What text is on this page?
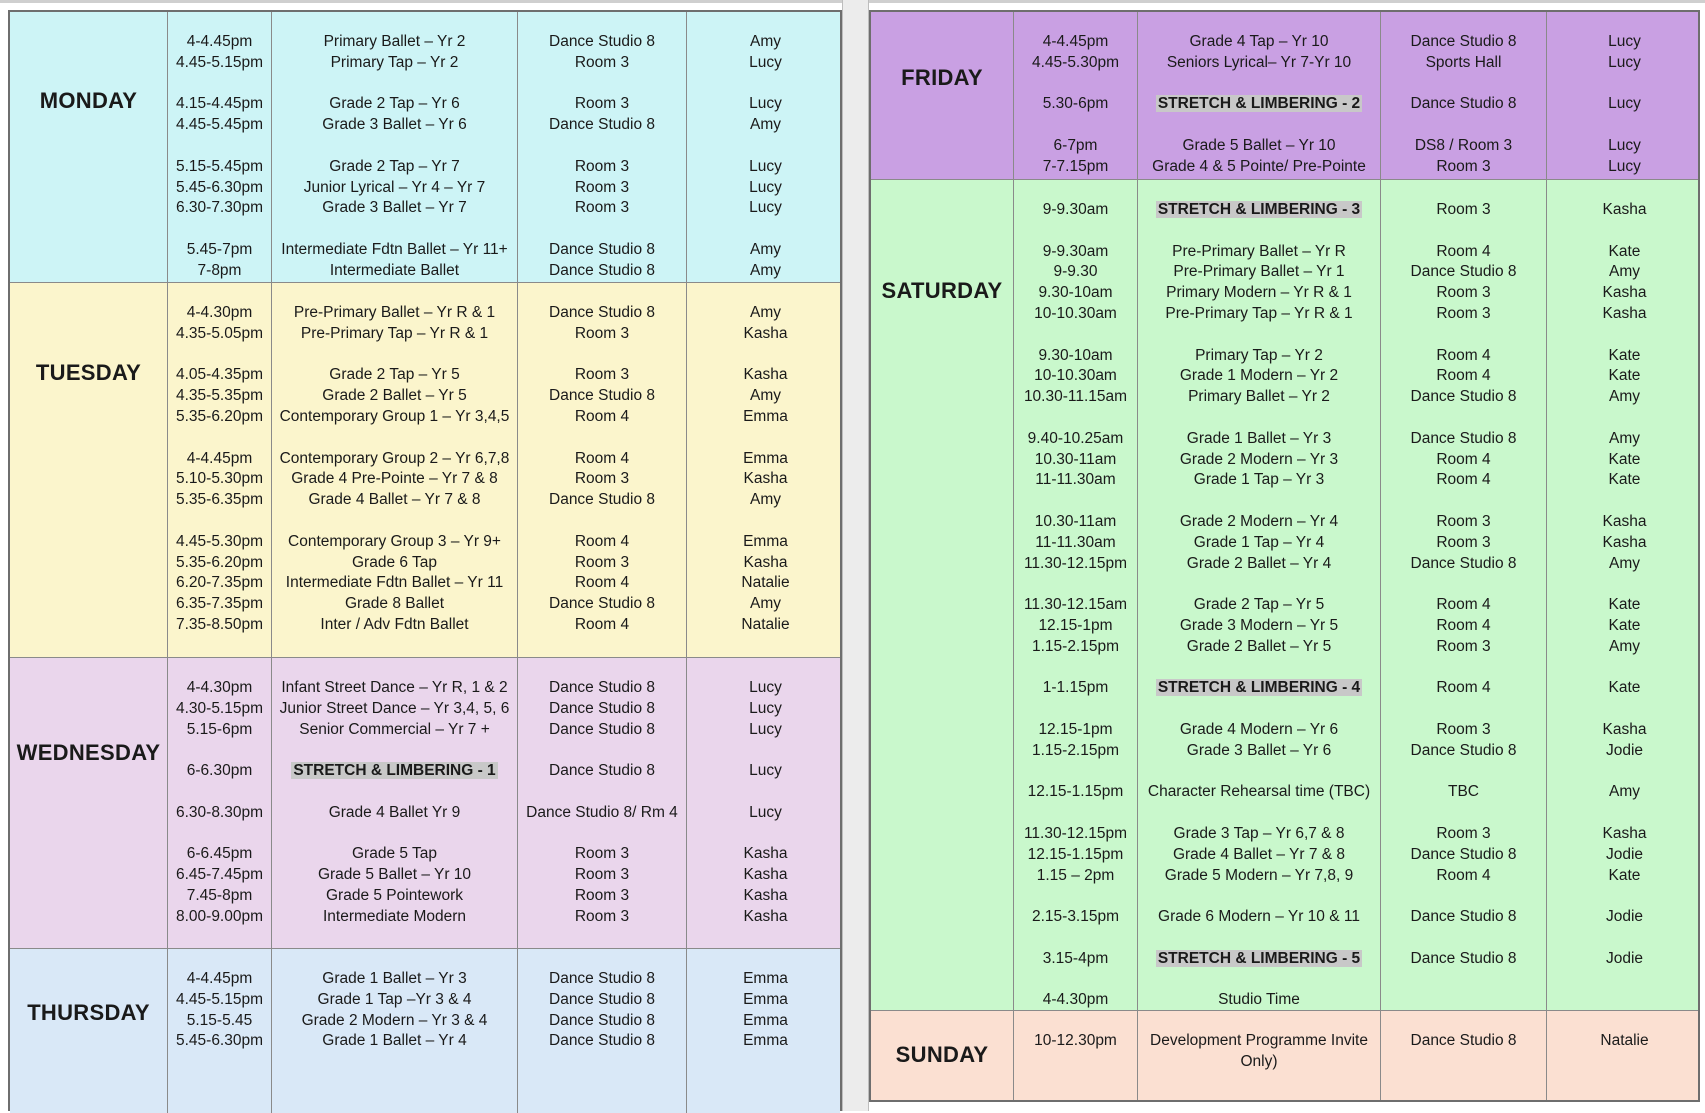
MONDAY
4-4.45pm
4.45-5.15pm
4.15-4.45pm
4.45-5.45pm
5.15-5.45pm
5.45-6.30pm
6.30-7.30pm
5.45-7pm
7-8pm
Primary Ballet – Yr 2
Primary Tap – Yr 2
Grade 2 Tap – Yr 6
Grade 3 Ballet – Yr 6
Grade 2 Tap – Yr 7
Junior Lyrical – Yr 4 – Yr 7
Grade 3 Ballet – Yr 7
Intermediate Fdtn Ballet – Yr 11+
Intermediate Ballet
Dance Studio 8
Room 3
Room 3
Dance Studio 8
Room 3
Room 3
Room 3
Dance Studio 8
Dance Studio 8
Amy
Lucy
Lucy
Amy
Lucy
Lucy
Lucy
Amy
Amy
TUESDAY
4-4.30pm
4.35-5.05pm
4.05-4.35pm
4.35-5.35pm
5.35-6.20pm
4-4.45pm
5.10-5.30pm
5.35-6.35pm
4.45-5.30pm
5.35-6.20pm
6.20-7.35pm
6.35-7.35pm
7.35-8.50pm
Pre-Primary Ballet – Yr R & 1
Pre-Primary Tap – Yr R & 1
Grade 2 Tap – Yr 5
Grade 2 Ballet – Yr 5
Contemporary Group 1 – Yr 3,4,5
Contemporary Group 2 – Yr 6,7,8
Grade 4 Pre-Pointe – Yr 7 & 8
Grade 4 Ballet – Yr 7 & 8
Contemporary Group 3 – Yr 9+
Grade 6 Tap
Intermediate Fdtn Ballet – Yr 11
Grade 8 Ballet
Inter / Adv Fdtn Ballet
Dance Studio 8
Room 3
Room 3
Dance Studio 8
Room 4
Room 4
Room 3
Dance Studio 8
Room 4
Room 3
Room 4
Dance Studio 8
Room 4
Amy
Kasha
Kasha
Amy
Emma
Emma
Kasha
Amy
Emma
Kasha
Natalie
Amy
Natalie
WEDNESDAY
4-4.30pm
4.30-5.15pm
5.15-6pm
6-6.30pm
6.30-8.30pm
6-6.45pm
6.45-7.45pm
7.45-8pm
8.00-9.00pm
Infant Street Dance – Yr R, 1 & 2
Junior Street Dance – Yr 3,4, 5, 6
Senior Commercial – Yr 7 +
STRETCH & LIMBERING - 1
Grade 4 Ballet Yr 9
Grade 5 Tap
Grade 5 Ballet – Yr 10
Grade 5 Pointework
Intermediate Modern
Dance Studio 8
Dance Studio 8
Dance Studio 8
Dance Studio 8
Dance Studio 8/ Rm 4
Room 3
Room 3
Room 3
Room 3
Lucy
Lucy
Lucy
Lucy
Lucy
Kasha
Kasha
Kasha
Kasha
THURSDAY
4-4.45pm
4.45-5.15pm
5.15-5.45
5.45-6.30pm
Grade 1 Ballet – Yr 3
Grade 1 Tap –Yr 3 & 4
Grade 2 Modern – Yr 3 & 4
Grade 1 Ballet – Yr 4
Dance Studio 8
Dance Studio 8
Dance Studio 8
Dance Studio 8
Emma
Emma
Emma
Emma
FRIDAY
4-4.45pm
4.45-5.30pm
5.30-6pm
6-7pm
7-7.15pm
Grade 4 Tap – Yr 10
Seniors Lyrical– Yr 7-Yr 10
STRETCH & LIMBERING - 2
Grade 5 Ballet – Yr 10
Grade 4 & 5 Pointe/ Pre-Pointe
Dance Studio 8
Sports Hall
Dance Studio 8
DS8 / Room 3
Room 3
Lucy
Lucy
Lucy
Lucy
Lucy
SATURDAY
9-9.30am
9-9.30am
9-9.30
9.30-10am
10-10.30am
9.30-10am
10-10.30am
10.30-11.15am
9.40-10.25am
10.30-11am
11-11.30am
10.30-11am
11-11.30am
11.30-12.15pm
11.30-12.15am
12.15-1pm
1.15-2.15pm
1-1.15pm
12.15-1pm
1.15-2.15pm
12.15-1.15pm
11.30-12.15pm
12.15-1.15pm
1.15 – 2pm
2.15-3.15pm
3.15-4pm
4-4.30pm
STRETCH & LIMBERING - 3
Pre-Primary Ballet – Yr R
Pre-Primary Ballet – Yr 1
Primary Modern – Yr R & 1
Pre-Primary Tap – Yr R & 1
Primary Tap – Yr 2
Grade 1 Modern – Yr 2
Primary Ballet – Yr 2
Grade 1 Ballet – Yr 3
Grade 2 Modern – Yr 3
Grade 1 Tap – Yr 3
Grade 2 Modern – Yr 4
Grade 1 Tap – Yr 4
Grade 2 Ballet – Yr 4
Grade 2 Tap – Yr 5
Grade 3 Modern – Yr 5
Grade 2 Ballet – Yr 5
STRETCH & LIMBERING - 4
Grade 4 Modern – Yr 6
Grade 3 Ballet – Yr 6
Character Rehearsal time (TBC)
Grade 3 Tap – Yr 6,7 & 8
Grade 4 Ballet – Yr 7 & 8
Grade 5 Modern – Yr 7,8, 9
Grade 6 Modern – Yr 10 & 11
STRETCH & LIMBERING - 5
Studio Time
Room 3
Room 4
Dance Studio 8
Room 3
Room 3
Room 4
Room 4
Dance Studio 8
Dance Studio 8
Room 4
Room 4
Room 3
Room 3
Dance Studio 8
Room 4
Room 4
Room 3
Room 4
Room 3
Dance Studio 8
TBC
Room 3
Dance Studio 8
Room 4
Dance Studio 8
Dance Studio 8
Kasha
Kate
Amy
Kasha
Kasha
Kate
Kate
Amy
Amy
Kate
Kate
Kasha
Kasha
Amy
Kate
Kate
Amy
Kate
Kasha
Jodie
Amy
Kasha
Jodie
Kate
Jodie
Jodie
SUNDAY
10-12.30pm	Development Programme Invite Only)
Dance Studio 8	Natalie
